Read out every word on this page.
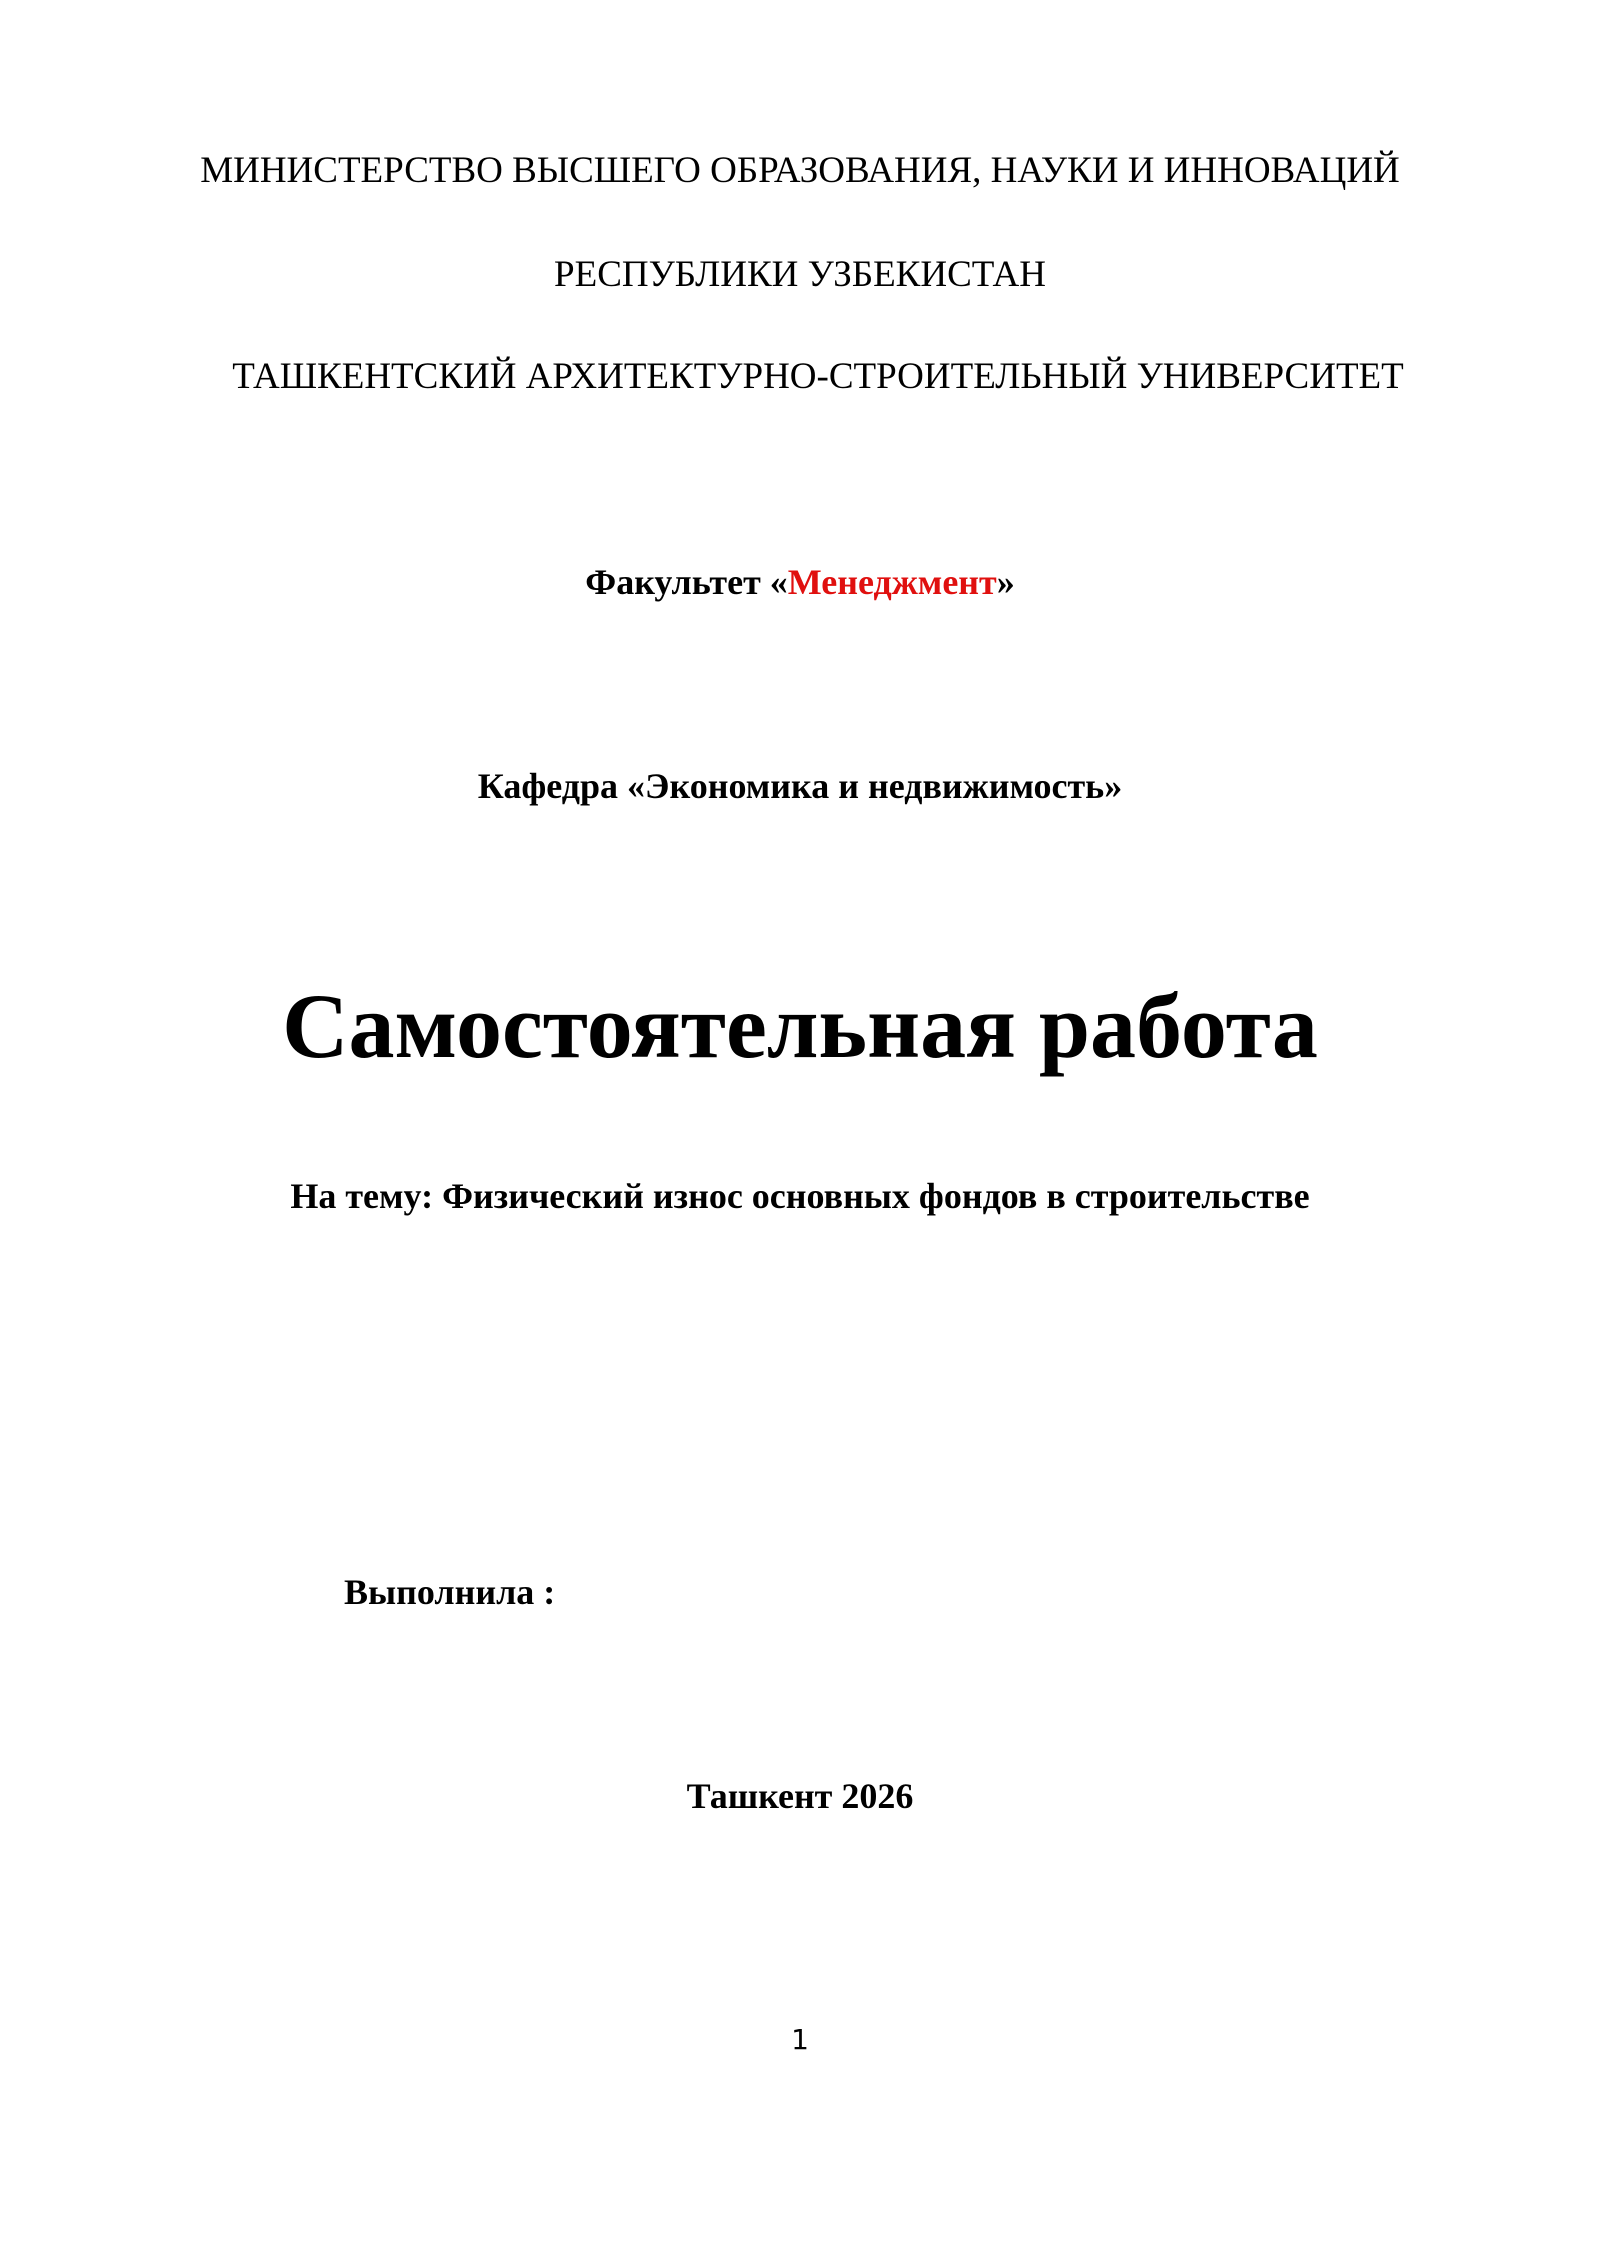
МИНИСТЕРСТВО ВЫСШЕГО ОБРАЗОВАНИЯ, НАУКИ И ИННОВАЦИЙ
РЕСПУБЛИКИ УЗБЕКИСТАН
ТАШКЕНТСКИЙ АРХИТЕКТУРНО-СТРОИТЕЛЬНЫЙ УНИВЕРСИТЕТ
Факультет «Менеджмент»
Кафедра «Экономика и недвижимость»
Самостоятельная работа
На тему: Физический износ основных фондов в строительстве
Выполнила :
Ташкент 2026
1
